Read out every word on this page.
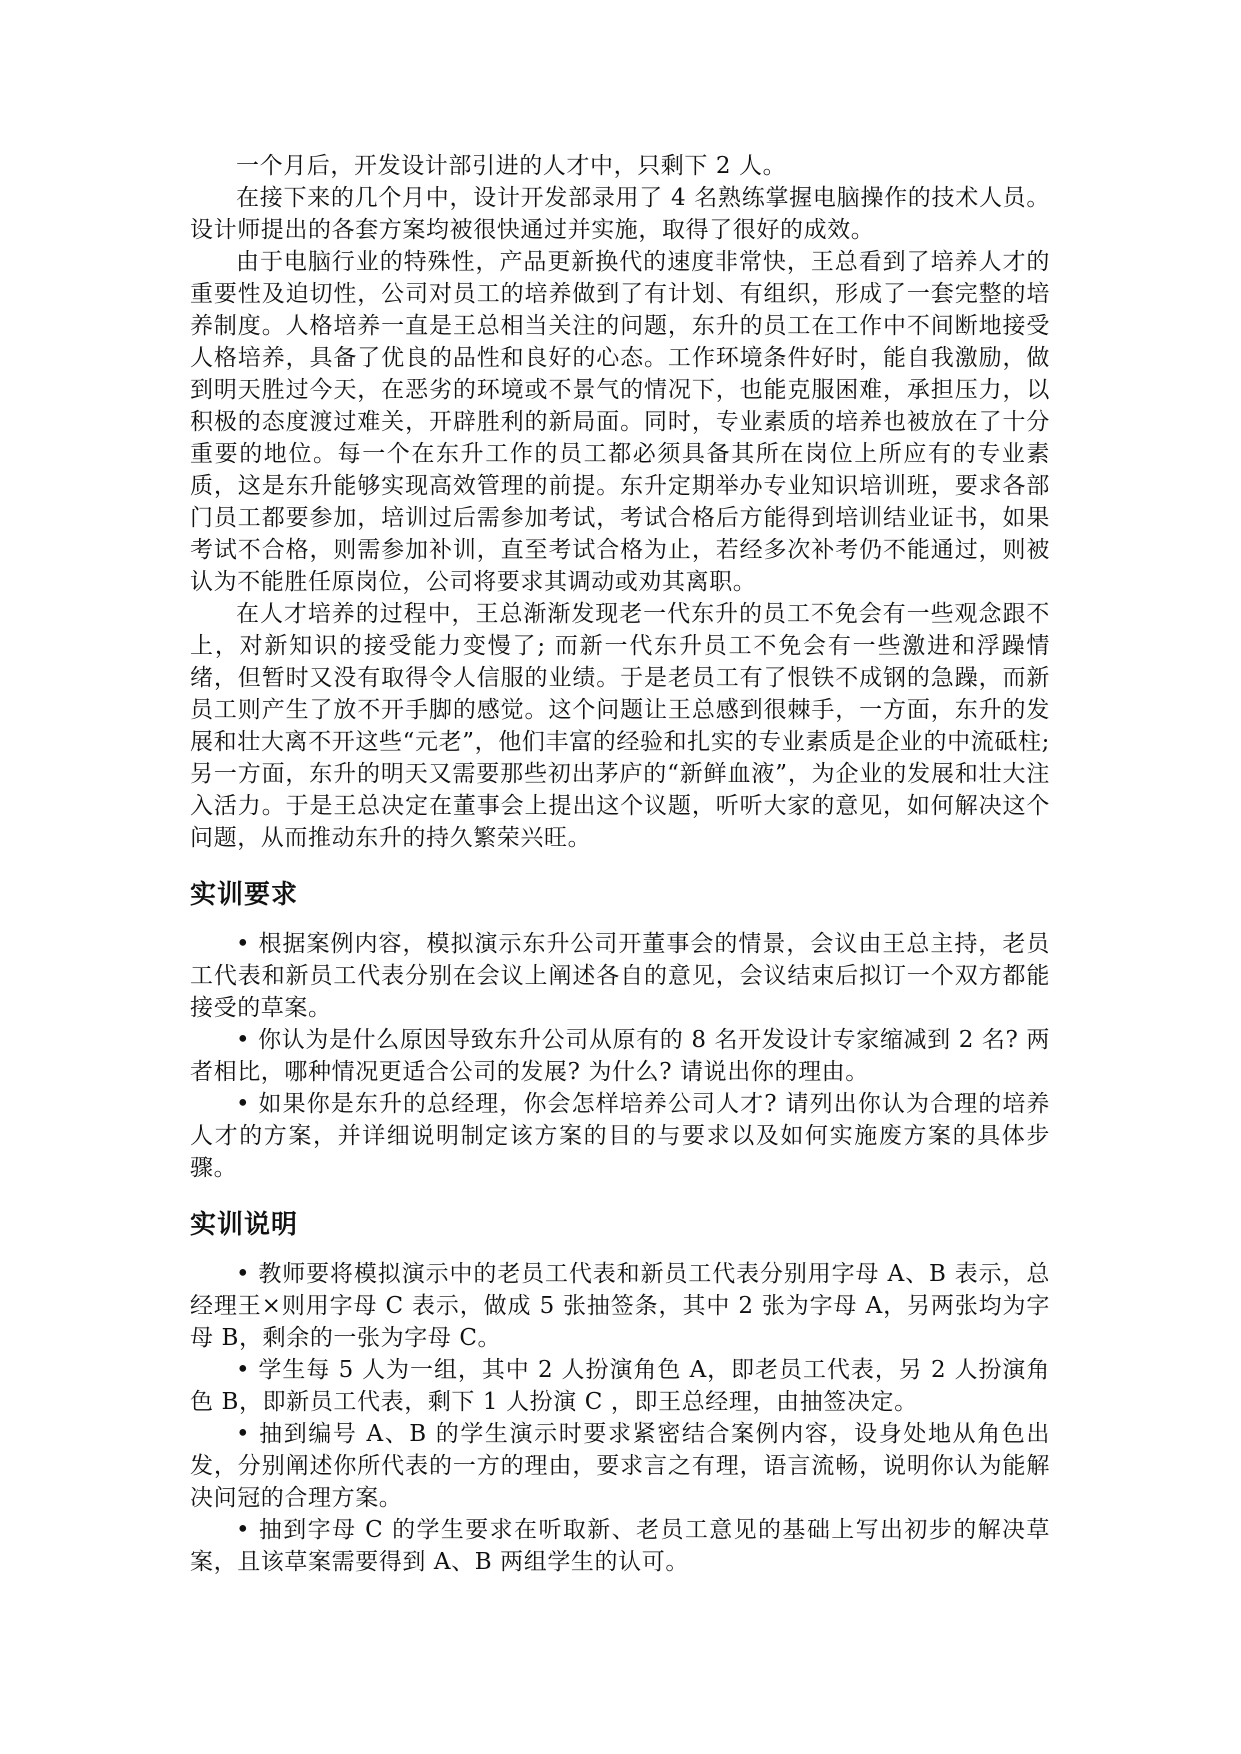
一个月后，开发设计部引进的人才中，只剩下 2 人。

在接下来的几个月中，设计开发部录用了 4 名熟练掌握电脑操作的技术人员。设计师提出的各套方案均被很快通过并实施，取得了很好的成效。

由于电脑行业的特殊性，产品更新换代的速度非常快，王总看到了培养人才的重要性及迫切性，公司对员工的培养做到了有计划、有组织，形成了一套完整的培养制度。人格培养一直是王总相当关注的问题，东升的员工在工作中不间断地接受人格培养，具备了优良的品性和良好的心态。工作环境条件好时，能自我激励，做到明天胜过今天，在恶劣的环境或不景气的情况下，也能克服困难，承担压力，以积极的态度渡过难关，开辟胜利的新局面。同时，专业素质的培养也被放在了十分重要的地位。每一个在东升工作的员工都必须具备其所在岗位上所应有的专业素质，这是东升能够实现高效管理的前提。东升定期举办专业知识培训班，要求各部门员工都要参加，培训过后需参加考试，考试合格后方能得到培训结业证书，如果考试不合格，则需参加补训，直至考试合格为止，若经多次补考仍不能通过，则被认为不能胜任原岗位，公司将要求其调动或劝其离职。

在人才培养的过程中，王总渐渐发现老一代东升的员工不免会有一些观念跟不上，对新知识的接受能力变慢了; 而新一代东升员工不免会有一些激进和浮躁情绪，但暂时又没有取得令人信服的业绩。于是老员工有了恨铁不成钢的急躁，而新员工则产生了放不开手脚的感觉。这个问题让王总感到很棘手，一方面，东升的发展和壮大离不开这些“元老”，他们丰富的经验和扎实的专业素质是企业的中流砥柱; 另一方面，东升的明天又需要那些初出茅庐的“新鲜血液”，为企业的发展和壮大注入活力。于是王总决定在董事会上提出这个议题，听听大家的意见，如何解决这个问题，从而推动东升的持久繁荣兴旺。

实训要求

• 根据案例内容，模拟演示东升公司开董事会的情景，会议由王总主持，老员工代表和新员工代表分别在会议上阐述各自的意见，会议结束后拟订一个双方都能接受的草案。

• 你认为是什么原因导致东升公司从原有的 8 名开发设计专家缩减到 2 名? 两者相比，哪种情况更适合公司的发展? 为什么? 请说出你的理由。

• 如果你是东升的总经理，你会怎样培养公司人才? 请列出你认为合理的培养人才的方案，并详细说明制定该方案的目的与要求以及如何实施废方案的具体步骤。

实训说明

• 教师要将模拟演示中的老员工代表和新员工代表分别用字母 A、B 表示，总经理王×则用字母 C 表示，做成 5 张抽签条，其中 2 张为字母 A，另两张均为字母 B，剩余的一张为字母 C。

• 学生每 5 人为一组，其中 2 人扮演角色 A，即老员工代表，另 2 人扮演角色 B，即新员工代表，剩下 1 人扮演 C ，即王总经理，由抽签决定。

• 抽到编号 A、B 的学生演示时要求紧密结合案例内容，设身处地从角色出发，分别阐述你所代表的一方的理由，要求言之有理，语言流畅，说明你认为能解决问冠的合理方案。

• 抽到字母 C 的学生要求在听取新、老员工意见的基础上写出初步的解决草案，且该草案需要得到 A、B 两组学生的认可。
